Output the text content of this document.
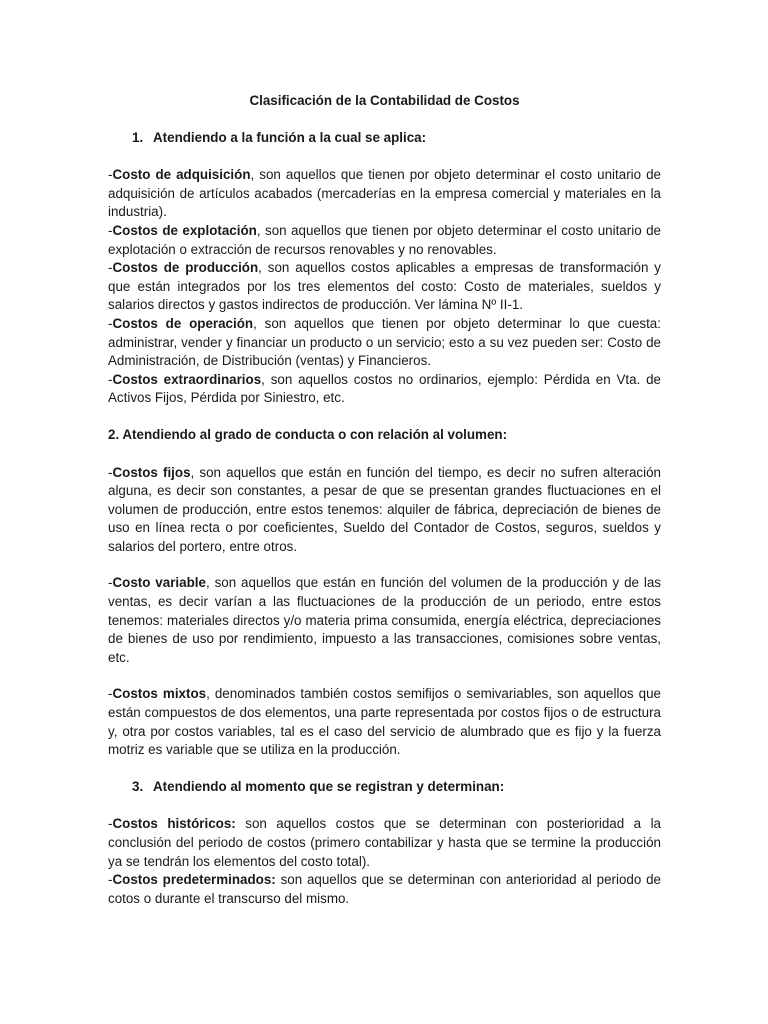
Clasificación de la Contabilidad de Costos
1. Atendiendo a la función a la cual se aplica:

-Costo de adquisición, son aquellos que tienen por objeto determinar el costo unitario de adquisición de artículos acabados (mercaderías en la empresa comercial y materiales en la industria).

-Costos de explotación, son aquellos que tienen por objeto determinar el costo unitario de explotación o extracción de recursos renovables y no renovables.

-Costos de producción, son aquellos costos aplicables a empresas de transformación y que están integrados por los tres elementos del costo: Costo de materiales, sueldos y salarios directos y gastos indirectos de producción. Ver lámina Nº II-1.

-Costos de operación, son aquellos que tienen por objeto determinar lo que cuesta: administrar, vender y financiar un producto o un servicio; esto a su vez pueden ser: Costo de Administración, de Distribución (ventas) y Financieros.

-Costos extraordinarios, son aquellos costos no ordinarios, ejemplo: Pérdida en Vta. de Activos Fijos, Pérdida por Siniestro, etc.

2. Atendiendo al grado de conducta o con relación al volumen:

-Costos fijos, son aquellos que están en función del tiempo, es decir no sufren alteración alguna, es decir son constantes, a pesar de que se presentan grandes fluctuaciones en el volumen de producción, entre estos tenemos: alquiler de fábrica, depreciación de bienes de uso en línea recta o por coeficientes, Sueldo del Contador de Costos, seguros, sueldos y salarios del portero, entre otros.

-Costo variable, son aquellos que están en función del volumen de la producción y de las ventas, es decir varían a las fluctuaciones de la producción de un periodo, entre estos tenemos: materiales directos y/o materia prima consumida, energía eléctrica, depreciaciones de bienes de uso por rendimiento, impuesto a las transacciones, comisiones sobre ventas, etc.

-Costos mixtos, denominados también costos semifijos o semivariables, son aquellos que están compuestos de dos elementos, una parte representada por costos fijos o de estructura y, otra por costos variables, tal es el caso del servicio de alumbrado que es fijo y la fuerza motriz es variable que se utiliza en la producción.

3. Atendiendo al momento que se registran y determinan:

-Costos históricos: son aquellos costos que se determinan con posterioridad a la conclusión del periodo de costos (primero contabilizar y hasta que se termine la producción ya se tendrán los elementos del costo total).

-Costos predeterminados: son aquellos que se determinan con anterioridad al periodo de cotos o durante el transcurso del mismo.
